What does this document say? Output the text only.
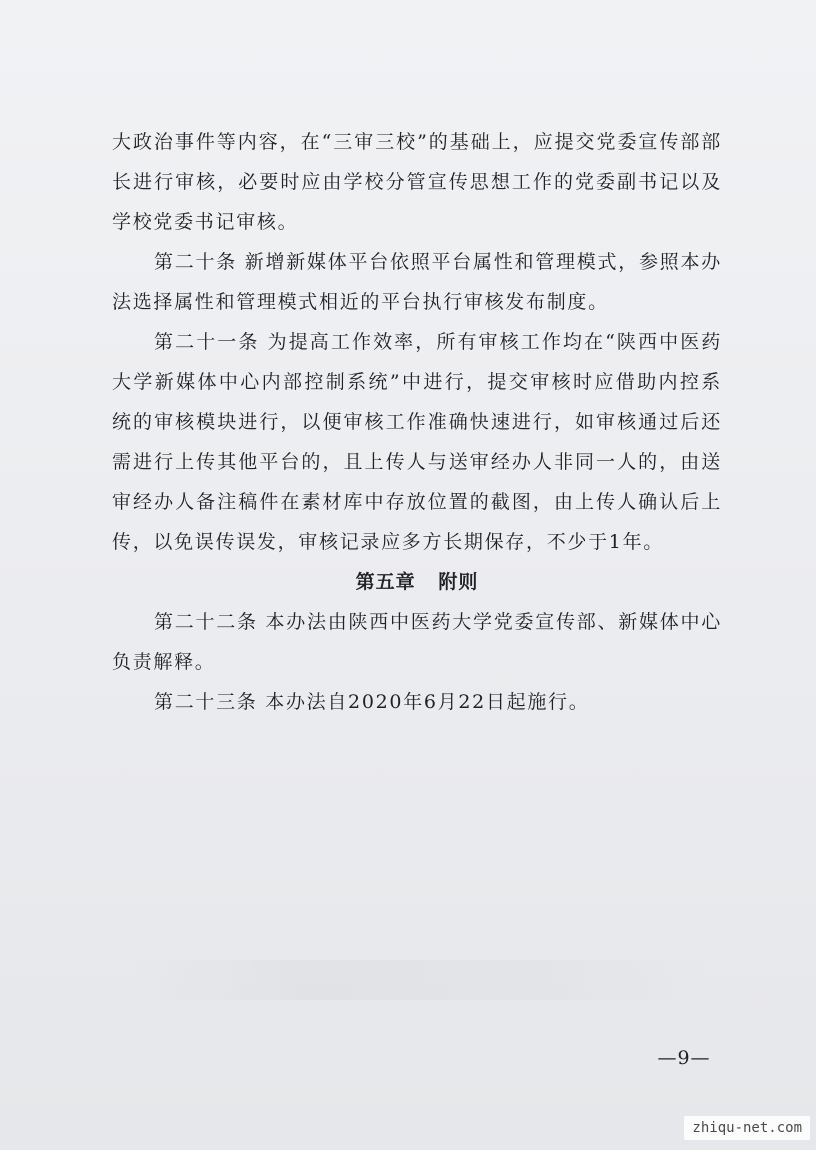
大政治事件等内容，在“三审三校”的基础上，应提交党委宣传部部长进行审核，必要时应由学校分管宣传思想工作的党委副书记以及学校党委书记审核。

第二十条 新增新媒体平台依照平台属性和管理模式，参照本办法选择属性和管理模式相近的平台执行审核发布制度。

第二十一条 为提高工作效率，所有审核工作均在“陕西中医药大学新媒体中心内部控制系统”中进行，提交审核时应借助内控系统的审核模块进行，以便审核工作准确快速进行，如审核通过后还需进行上传其他平台的，且上传人与送审经办人非同一人的，由送审经办人备注稿件在素材库中存放位置的截图，由上传人确认后上传，以免误传误发，审核记录应多方长期保存，不少于1年。

第五章   附则

第二十二条 本办法由陕西中医药大学党委宣传部、新媒体中心负责解释。

第二十三条 本办法自2020年6月22日起施行。

—9—
zhiqu-net.com
